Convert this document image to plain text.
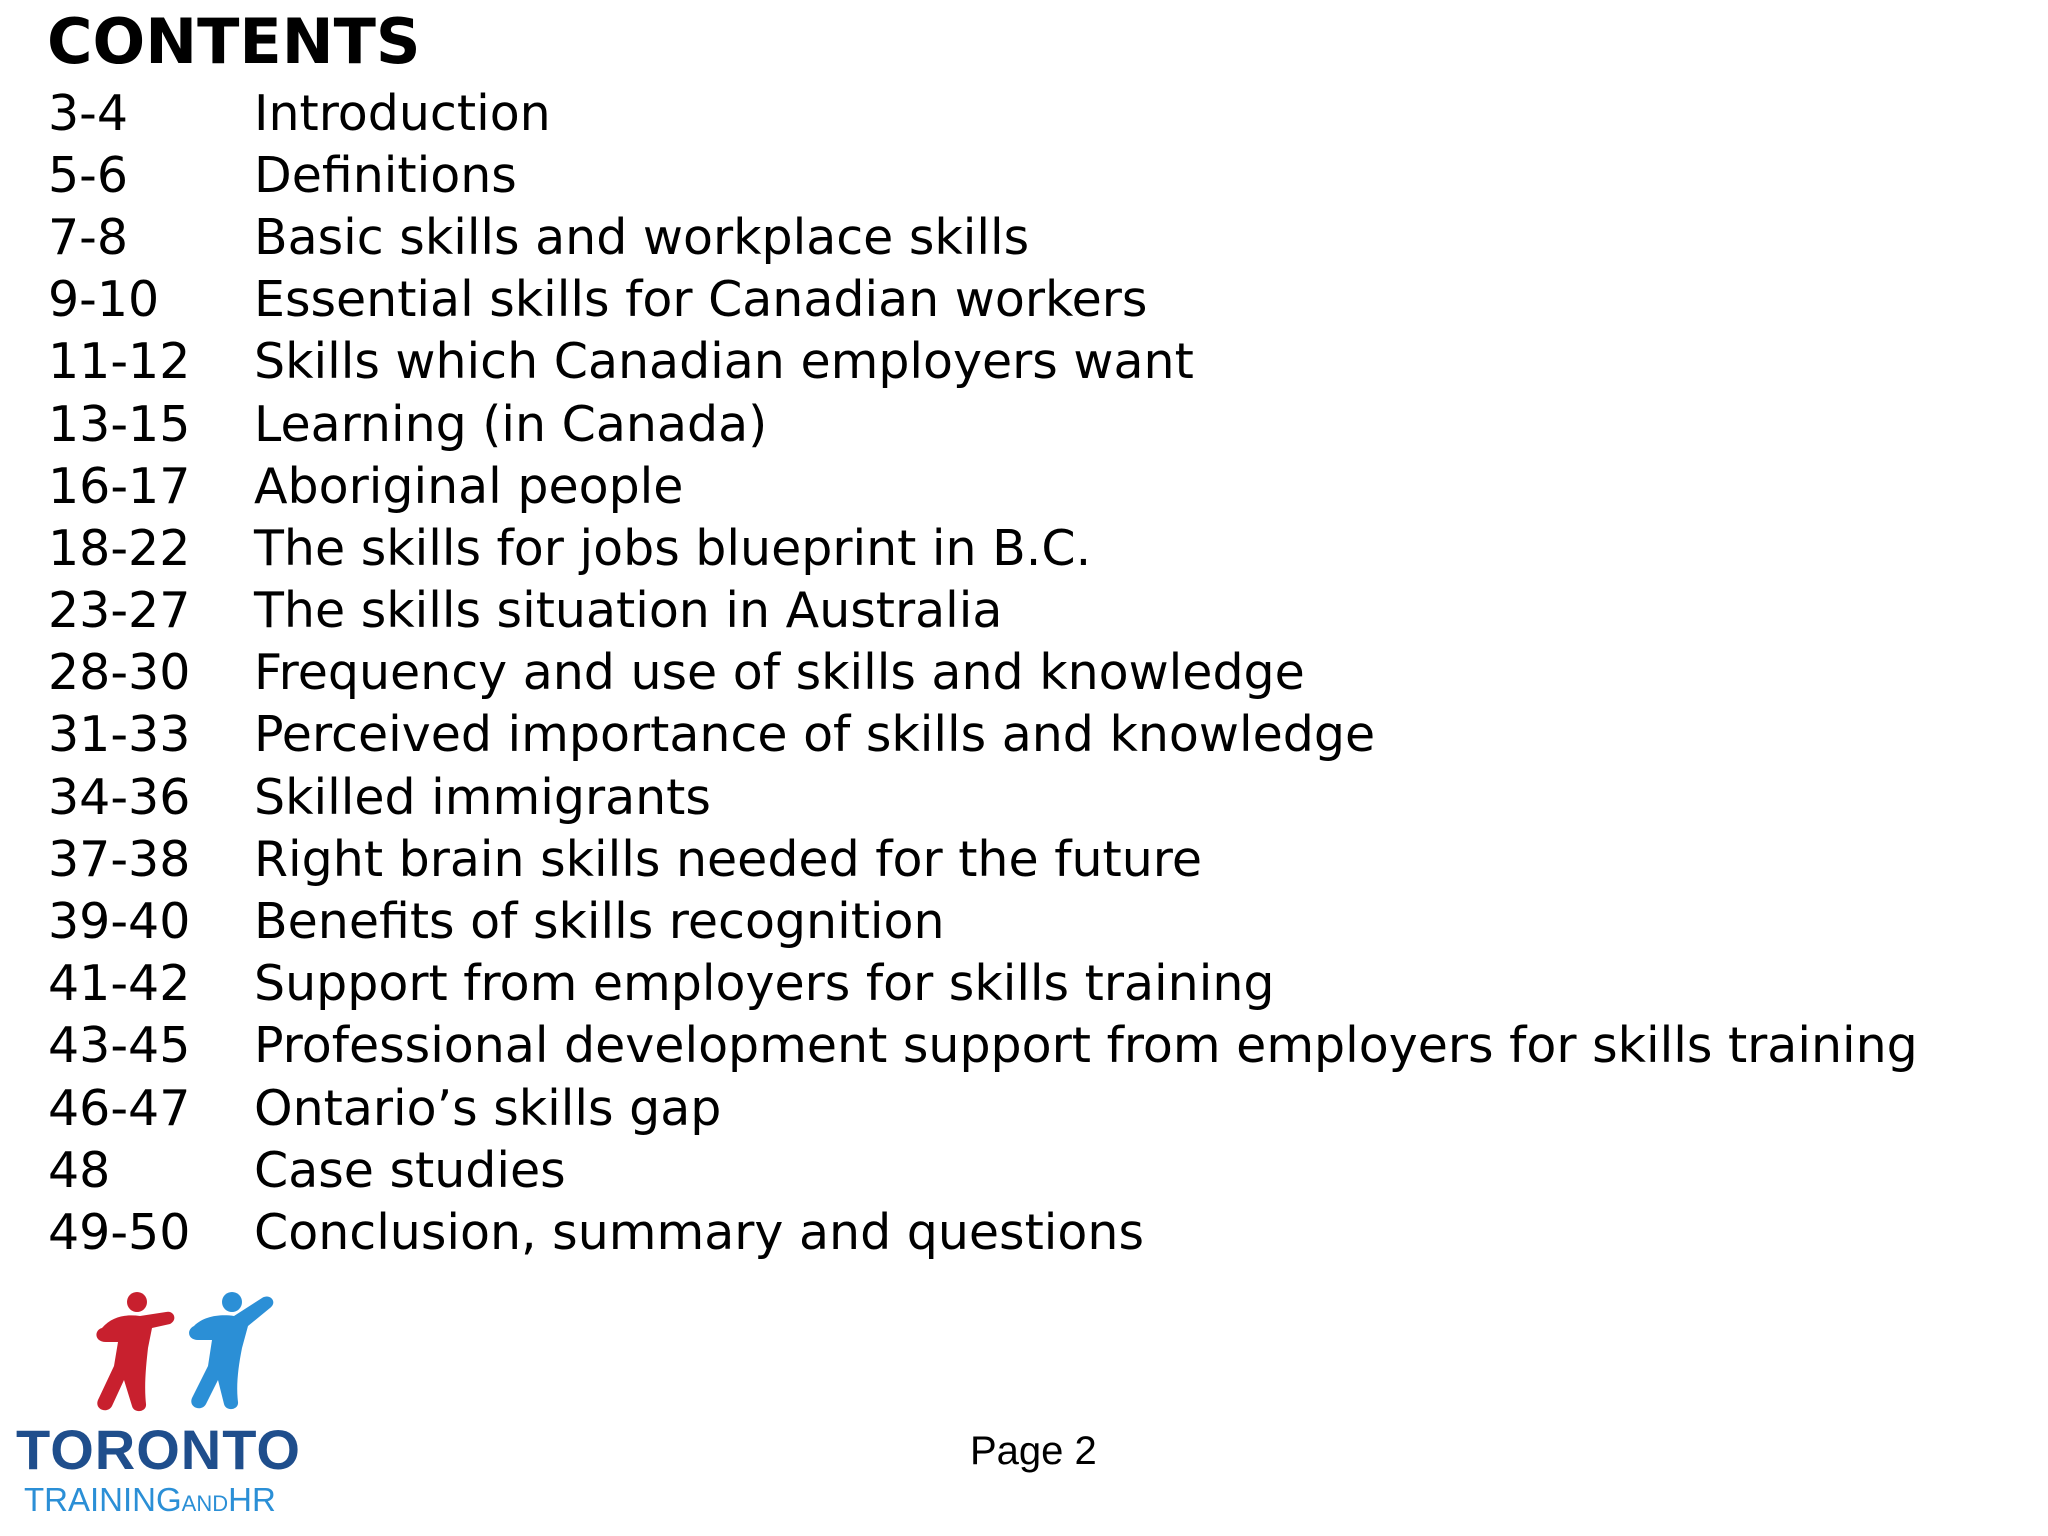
CONTENTS
3-4	Introduction
5-6	Definitions
7-8	Basic skills and workplace skills
9-10	Essential skills for Canadian workers
11-12	Skills which Canadian employers want
13-15	Learning (in Canada)
16-17	Aboriginal people
18-22	The skills for jobs blueprint in B.C.
23-27	The skills situation in Australia
28-30	Frequency and use of skills and knowledge
31-33	Perceived importance of skills and knowledge
34-36	Skilled immigrants
37-38	Right brain skills needed for the future
39-40	Benefits of skills recognition
41-42	Support from employers for skills training
43-45	Professional development support from employers for skills training
46-47	Ontario’s skills gap
48	Case studies
49-50	Conclusion, summary and questions
TORONTO
TRAININGANDHR
Page 2
